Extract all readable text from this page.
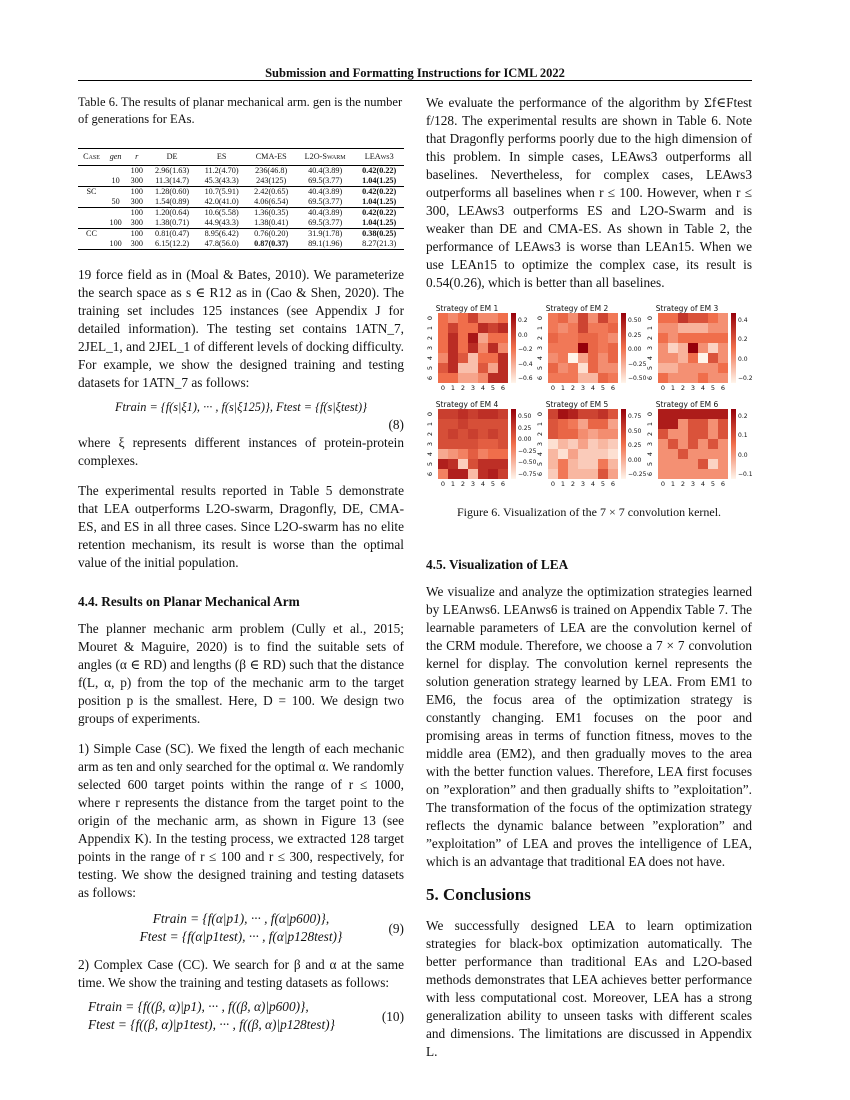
Submission and Formatting Instructions for ICML 2022
Table 6. The results of planar mechanical arm. gen is the number of generations for EAs.
Case	gen	r	DE	ES	CMA-ES	L2O-Swarm	LEAws3
		100	2.96(1.63)	11.2(4.70)	236(46.8)	40.4(3.89)	0.42(0.22)
	10	300	11.3(14.7)	45.3(43.3)	243(125)	69.5(3.77)	1.04(1.25)
SC		100	1.28(0.60)	10.7(5.91)	2.42(0.65)	40.4(3.89)	0.42(0.22)
	50	300	1.54(0.89)	42.0(41.0)	4.06(6.54)	69.5(3.77)	1.04(1.25)
		100	1.20(0.64)	10.6(5.58)	1.36(0.35)	40.4(3.89)	0.42(0.22)
	100	300	1.38(0.71)	44.9(43.3)	1.38(0.41)	69.5(3.77)	1.04(1.25)
CC		100	0.81(0.47)	8.95(6.42)	0.76(0.20)	31.9(1.78)	0.38(0.25)
	100	300	6.15(12.2)	47.8(56.0)	0.87(0.37)	89.1(1.96)	8.27(21.3)

19 force field as in (Moal & Bates, 2010). We parameterize the search space as s ∈ R12 as in (Cao & Shen, 2020). The training set includes 125 instances (see Appendix J for detailed information). The testing set contains 1ATN_7, 2JEL_1, and 2JEL_1 of different levels of docking difficulty. For example, we show the designed training and testing datasets for 1ATN_7 as follows:

Ftrain = {f(s|ξ1), ··· , f(s|ξ125)}, Ftest = {f(s|ξtest)}
(8)

where ξ represents different instances of protein-protein complexes.

The experimental results reported in Table 5 demonstrate that LEA outperforms L2O-swarm, Dragonfly, DE, CMA-ES, and ES in all three cases. Since L2O-swarm has no elite retention mechanism, its result is worse than the optimal value of the initial population.

4.4. Results on Planar Mechanical Arm

The planner mechanic arm problem (Cully et al., 2015; Mouret & Maguire, 2020) is to find the suitable sets of angles (α ∈ RD) and lengths (β ∈ RD) such that the distance f(L, α, p) from the top of the mechanic arm to the target position p is the smallest. Here, D = 100. We design two groups of experiments.

1) Simple Case (SC). We fixed the length of each mechanic arm as ten and only searched for the optimal α. We randomly selected 600 target points within the range of r ≤ 1000, where r represents the distance from the target point to the origin of the mechanic arm, as shown in Figure 13 (see Appendix K). In the testing process, we extracted 128 target points in the range of r ≤ 100 and r ≤ 300, respectively, for testing. We show the designed training and testing datasets as follows:

Ftrain = {f(α|p1), ··· , f(α|p600)},
Ftest = {f(α|p1test), ··· , f(α|p128test)}
(9)

2) Complex Case (CC). We search for β and α at the same time. We show the training and testing datasets as follows:

Ftrain = {f((β, α)|p1), ··· , f((β, α)|p600)},
Ftest = {f((β, α)|p1test), ··· , f((β, α)|p128test)}
(10)

We evaluate the performance of the algorithm by Σf∈Ftest f/128. The experimental results are shown in Table 6. Note that Dragonfly performs poorly due to the high dimension of this problem. In simple cases, LEAws3 outperforms all baselines. Nevertheless, for complex cases, LEAws3 outperforms all baselines when r ≤ 100. However, when r ≤ 300, LEAws3 outperforms ES and L2O-Swarm and is weaker than DE and CMA-ES. As shown in Table 2, the performance of LEAws3 is worse than LEAn15. When we use LEAn15 to optimize the complex case, its result is 0.54(0.26), which is better than all baselines.

Strategy of EM 1
0
1
2
3
4
5
6
0 1 2 3 4 5 6
0.2
0.0
−0.2
−0.4
−0.6
Strategy of EM 2
0
1
2
3
4
5
6
0 1 2 3 4 5 6
0.50
0.25
0.00
−0.25
−0.50
Strategy of EM 3
0
1
2
3
4
5
6
0 1 2 3 4 5 6
0.4
0.2
0.0
−0.2
Strategy of EM 4
0
1
2
3
4
5
6
0 1 2 3 4 5 6
0.50
0.25
0.00
−0.25
−0.50
−0.75
Strategy of EM 5
0
1
2
3
4
5
6
0 1 2 3 4 5 6
0.75
0.50
0.25
0.00
−0.25
Strategy of EM 6
0
1
2
3
4
5
6
0 1 2 3 4 5 6
0.2
0.1
0.0
−0.1
Figure 6. Visualization of the 7 × 7 convolution kernel.
4.5. Visualization of LEA

We visualize and analyze the optimization strategies learned by LEAnws6. LEAnws6 is trained on Appendix Table 7. The learnable parameters of LEA are the convolution kernel of the CRM module. Therefore, we choose a 7 × 7 convolution kernel for display. The convolution kernel represents the solution generation strategy learned by LEA. From EM1 to EM6, the focus area of the optimization strategy is constantly changing. EM1 focuses on the poor and promising areas in terms of function fitness, moves to the middle area (EM2), and then gradually moves to the area with the better function values. Therefore, LEA first focuses on ”exploration” and then gradually shifts to ”exploitation”. The transformation of the focus of the optimization strategy reflects the dynamic balance between ”exploration” and ”exploitation” of LEA and proves the intelligence of LEA, which is an advantage that traditional EA does not have.

5. Conclusions

We successfully designed LEA to learn optimization strategies for black-box optimization automatically. The better performance than traditional EAs and L2O-based methods demonstrates that LEA achieves better performance with less computational cost. Moreover, LEA has a strong generalization ability to unseen tasks with different scales and dimensions. The limitations are discussed in Appendix L.
